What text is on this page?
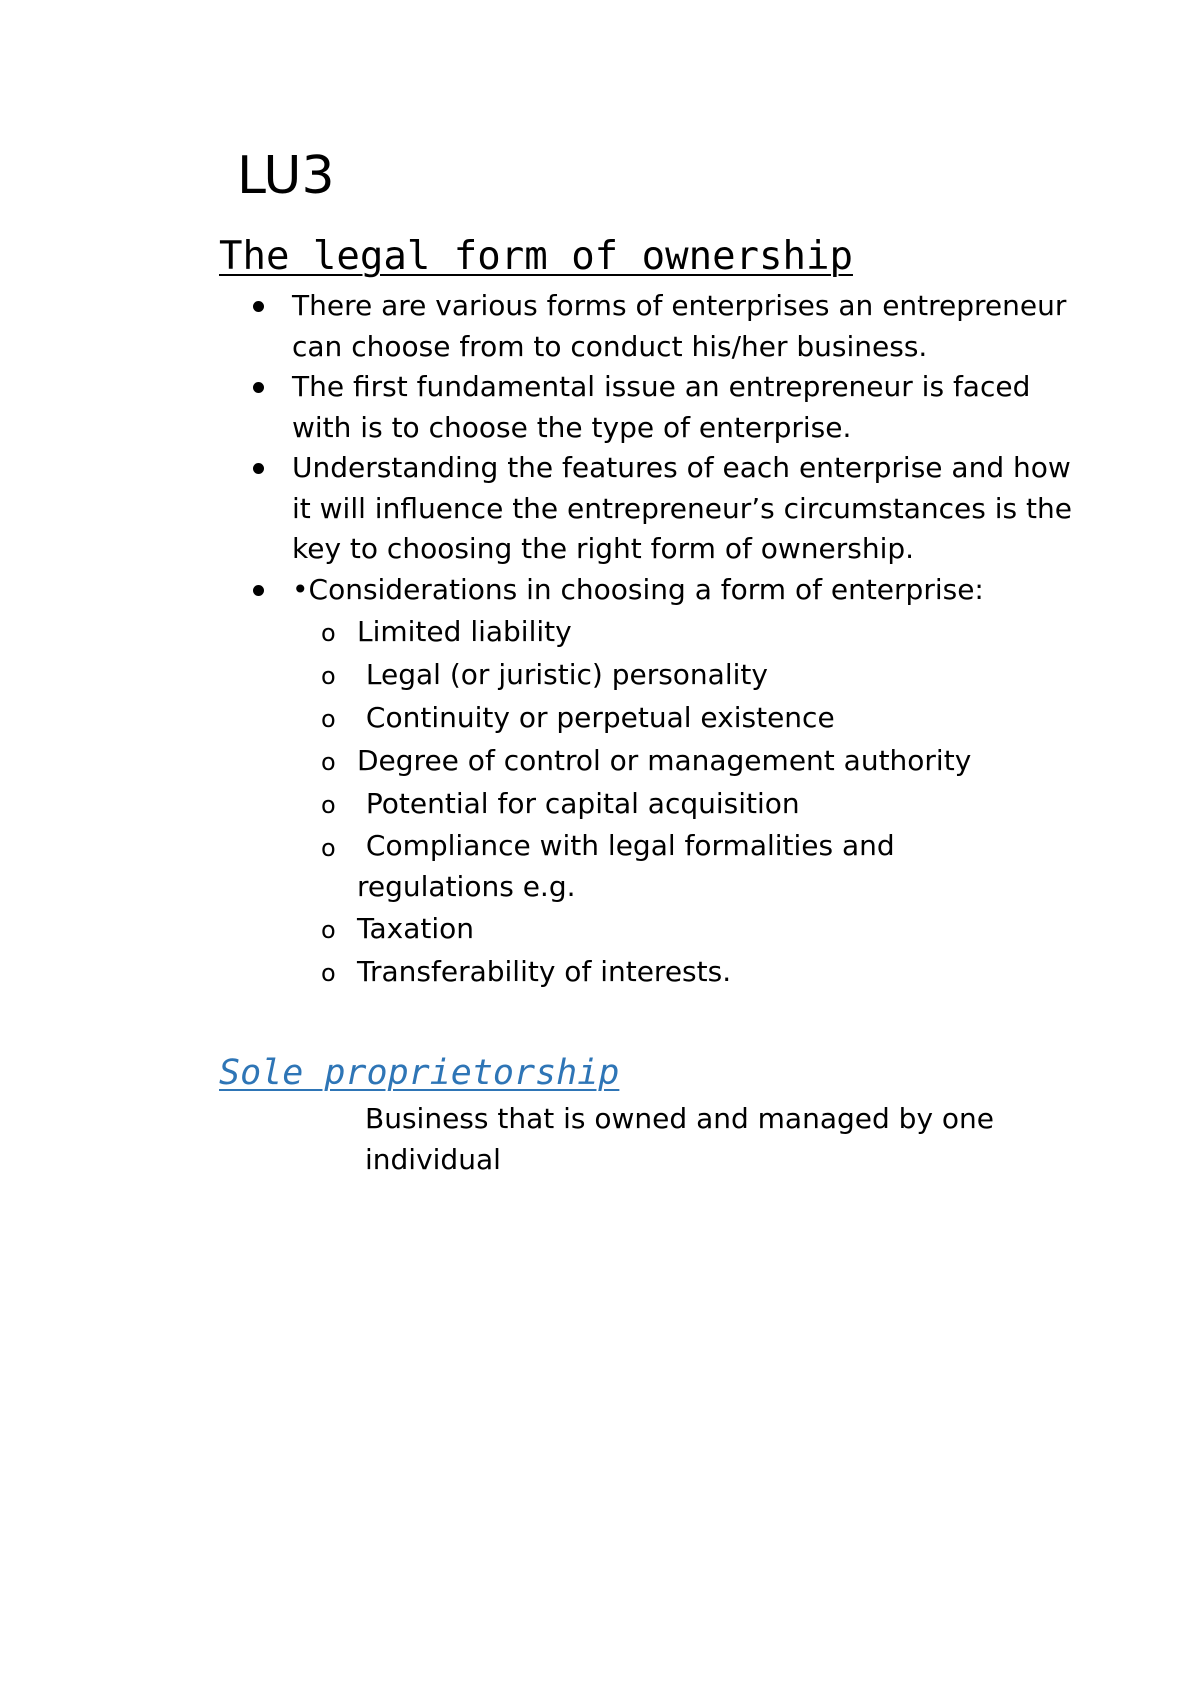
LU3
The legal form of ownership
There are various forms of enterprises an entrepreneur can choose from to conduct his/her business.
The first fundamental issue an entrepreneur is faced with is to choose the type of enterprise.
Understanding the features of each enterprise and how it will influence the entrepreneur’s circumstances is the key to choosing the right form of ownership.
•Considerations in choosing a form of enterprise:
o Limited liability
o Legal (or juristic) personality
o Continuity or perpetual existence
o Degree of control or management authority
o Potential for capital acquisition
o Compliance with legal formalities and regulations e.g.
o Taxation
o Transferability of interests.
Sole proprietorship

Business that is owned and managed by one individual
